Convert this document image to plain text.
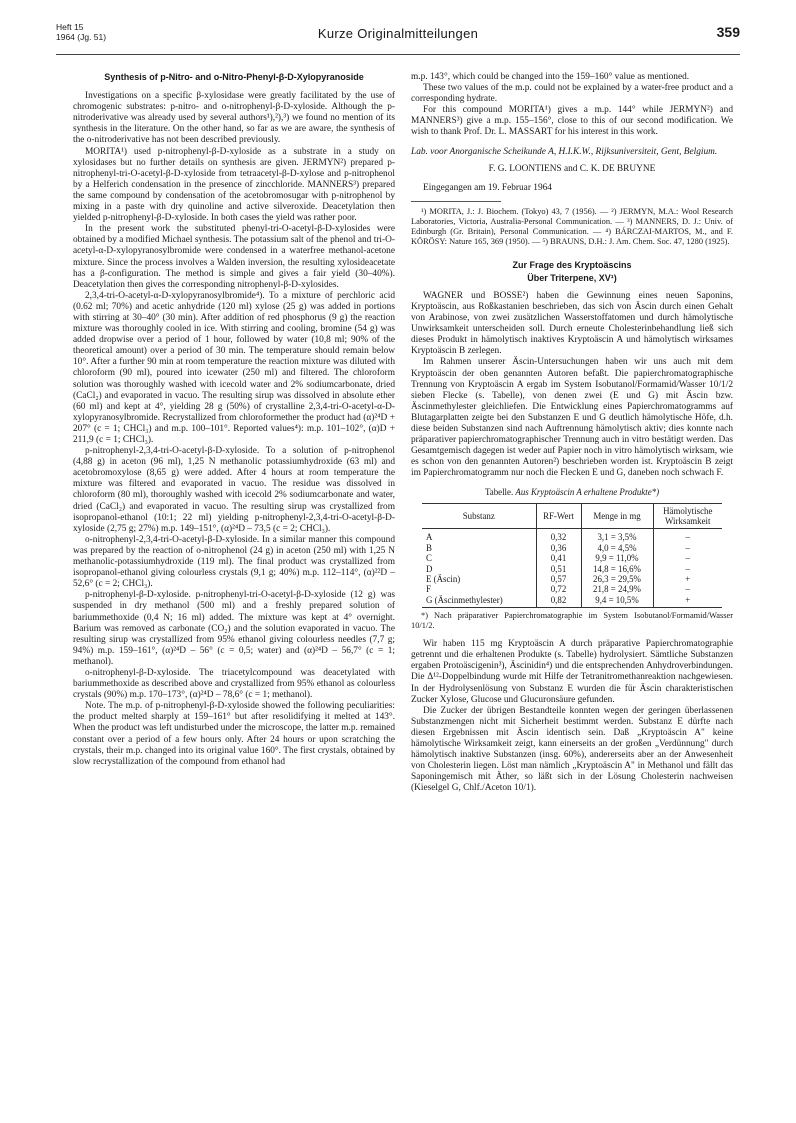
Heft 15
1964 (Jg. 51)	Kurze Originalmitteilungen	359

Synthesis of p-Nitro- and o-Nitro-Phenyl-β-D-Xylopyranoside

Investigations on a specific β-xylosidase were greatly facilitated by the use of chromogenic substrates: p-nitro- and o-nitrophenyl-β-D-xyloside. Although the p-nitroderivative was already used by several authors¹),²),³) we found no mention of its synthesis in the literature. On the other hand, so far as we are aware, the synthesis of the o-nitroderivative has not been described previously.

MORITA¹) used p-nitrophenyl-β-D-xyloside as a substrate in a study on xylosidases but no further details on synthesis are given. JERMYN²) prepared p-nitrophenyl-tri-O-acetyl-β-D-xyloside from tetraacetyl-β-D-xylose and p-nitrophenol by a Helferich condensation in the presence of zincchloride. MANNERS³) prepared the same compound by condensation of the acetobromosugar with p-nitrophenol by mixing in a paste with dry quinoline and active silveroxide. Deacetylation then yielded p-nitrophenyl-β-D-xyloside. In both cases the yield was rather poor.

In the present work the substituted phenyl-tri-O-acetyl-β-D-xylosides were obtained by a modified Michael synthesis. The potassium salt of the phenol and tri-O-acetyl-α-D-xylopyranosylbromide were condensed in a waterfree methanol-acetone mixture. Since the process involves a Walden inversion, the resulting xylosideacetate has a β-configuration. The method is simple and gives a fair yield (30–40%). Deacetylation then gives the corresponding nitrophenyl-β-D-xylosides.

2,3,4-tri-O-acetyl-α-D-xylopyranosylbromide⁴). To a mixture of perchloric acid (0.62 ml; 70%) and acetic anhydride (120 ml) xylose (25 g) was added in portions with stirring at 30–40° (30 min). After addition of red phosphorus (9 g) the reaction mixture was thoroughly cooled in ice. With stirring and cooling, bromine (54 g) was added dropwise over a period of 1 hour, followed by water (10,8 ml; 90% of the theoretical amount) over a period of 30 min. The temperature should remain below 10°. After a further 90 min at room temperature the reaction mixture was diluted with chloroform (90 ml), poured into icewater (250 ml) and filtered. The chloroform solution was thoroughly washed with icecold water and 2% sodiumcarbonate, dried (CaCl₂) and evaporated in vacuo. The resulting sirup was dissolved in absolute ether (60 ml) and kept at 4°, yielding 28 g (50%) of crystalline 2,3,4-tri-O-acetyl-α-D-xylopyranosylbromide. Recrystallized from chloroformether the product had (α)²⁴D + 207° (c = 1; CHCl₃) and m.p. 100–101°. Reported values⁴): m.p. 101–102°, (α)D + 211,9 (c = 1; CHCl₃).

p-nitrophenyl-2,3,4-tri-O-acetyl-β-D-xyloside. To a solution of p-nitrophenol (4,88 g) in aceton (96 ml), 1,25 N methanolic potassiumhydroxide (63 ml) and acetobromoxylose (8,65 g) were added. After 4 hours at room temperature the mixture was filtered and evaporated in vacuo. The residue was dissolved in chloroform (80 ml), thoroughly washed with icecold 2% sodiumcarbonate and water, dried (CaCl₂) and evaporated in vacuo. The resulting sirup was crystallized from isopropanol-ethanol (10:1; 22 ml) yielding p-nitrophenyl-2,3,4-tri-O-acetyl-β-D-xyloside (2,75 g; 27%) m.p. 149–151°, (α)²⁴D – 73,5 (c = 2; CHCl₃).

o-nitrophenyl-2,3,4-tri-O-acetyl-β-D-xyloside. In a similar manner this compound was prepared by the reaction of o-nitrophenol (24 g) in aceton (250 ml) with 1,25 N methanolic-potassiumhydroxide (119 ml). The final product was crystallized from isopropanol-ethanol giving colourless crystals (9,1 g; 40%) m.p. 112–114°, (α)²²D – 52,6° (c = 2; CHCl₃).

p-nitrophenyl-β-D-xyloside. p-nitrophenyl-tri-O-acetyl-β-D-xyloside (12 g) was suspended in dry methanol (500 ml) and a freshly prepared solution of bariummethoxide (0,4 N; 16 ml) added. The mixture was kept at 4° overnight. Barium was removed as carbonate (CO₂) and the solution evaporated in vacuo. The resulting sirup was crystallized from 95% ethanol giving colourless needles (7,7 g; 94%) m.p. 159–161°, (α)²⁴D – 56° (c = 0,5; water) and (α)²⁴D – 56,7° (c = 1; methanol).

o-nitrophenyl-β-D-xyloside. The triacetylcompound was deacetylated with bariummethoxide as described above and crystallized from 95% ethanol as colourless crystals (90%) m.p. 170–173°, (α)²⁴D – 78,6° (c = 1; methanol).

Note. The m.p. of p-nitrophenyl-β-D-xyloside showed the following peculiarities: the product melted sharply at 159–161° but after resolidifying it melted at 143°. When the product was left undisturbed under the microscope, the latter m.p. remained constant over a period of a few hours only. After 24 hours or upon scratching the crystals, their m.p. changed into its original value 160°. The first crystals, obtained by slow recrystallization of the compound from ethanol had

m.p. 143°, which could be changed into the 159–160° value as mentioned.

These two values of the m.p. could not be explained by a water-free product and a corresponding hydrate.

For this compound MORITA¹) gives a m.p. 144° while JERMYN²) and MANNERS³) give a m.p. 155–156°, close to this of our second modification. We wish to thank Prof. Dr. L. MASSART for his interest in this work.

Lab. voor Anorganische Scheikunde A, H.I.K.W., Rijksuniversiteit, Gent, Belgium.

F. G. LOONTIENS and C. K. DE BRUYNE

Eingegangen am 19. Februar 1964

¹) MORITA, J.: J. Biochem. (Tokyo) 43, 7 (1956). — ²) JERMYN, M.A.: Wool Research Laboratories, Victoria, Australia-Personal Communication. — ³) MANNERS, D. J.: Univ. of Edinburgh (Gr. Britain), Personal Communication. — ⁴) BÁRCZAI-MARTOS, M., and F. KÖRÖSY: Nature 165, 369 (1950). — ⁵) BRAUNS, D.H.: J. Am. Chem. Soc. 47, 1280 (1925).

Zur Frage des Kryptoäscins

Über Triterpene, XV¹)

WAGNER und BOSSE²) haben die Gewinnung eines neuen Saponins, Kryptoäscin, aus Roßkastanien beschrieben, das sich von Äscin durch einen Gehalt von Arabinose, von zwei zusätzlichen Wasserstoffatomen und durch hämolytische Unwirksamkeit unterscheiden soll. Durch erneute Cholesterinbehandlung ließ sich dieses Produkt in hämolytisch inaktives Kryptoäscin A und hämolytisch wirksames Kryptoäscin B zerlegen.

Im Rahmen unserer Äscin-Untersuchungen haben wir uns auch mit dem Kryptoäscin der oben genannten Autoren befaßt. Die papierchromatographische Trennung von Kryptoäscin A ergab im System Isobutanol/Formamid/Wasser 10/1/2 sieben Flecke (s. Tabelle), von denen zwei (E und G) mit Äscin bzw. Äscinmethylester gleichliefen. Die Entwicklung eines Papierchromatogramms auf Blutagarplatten zeigte bei den Substanzen E und G deutlich hämolytische Höfe, d.h. diese beiden Substanzen sind nach Auftrennung hämolytisch aktiv; dies konnte nach präparativer papierchromatographischer Trennung auch in vitro bestätigt werden. Das Gesamtgemisch dagegen ist weder auf Papier noch in vitro hämolytisch wirksam, wie es schon von den genannten Autoren²) beschrieben worden ist. Kryptoäscin B zeigt im Papierchromatogramm nur noch die Flecken E und G, daneben noch schwach F.

Tabelle. Aus Kryptoäscin A erhaltene Produkte*)

Substanz	RF-Wert	Menge in mg	Hämolytische Wirksamkeit
A	0,32	3,1 = 3,5%	–
B	0,36	4,0 = 4,5%	–
C	0,41	9,9 = 11,0%	–
D	0,51	14,8 = 16,6%	–
E (Äscin)	0,57	26,3 = 29,5%	+
F	0,72	21,8 = 24,9%	–
G (Äscinmethylester)	0,82	9,4 = 10,5%	+

*) Nach präparativer Papierchromatographie im System Isobutanol/Formamid/Wasser 10/1/2.

Wir haben 115 mg Kryptoäscin A durch präparative Papierchromatographie getrennt und die erhaltenen Produkte (s. Tabelle) hydrolysiert. Sämtliche Substanzen ergaben Protoäscigenin³), Äscinidin⁴) und die entsprechenden Anhydroverbindungen. Die Δ¹²-Doppelbindung wurde mit Hilfe der Tetranitromethanreaktion nachgewiesen. In der Hydrolysenlösung von Substanz E wurden die für Äscin charakteristischen Zucker Xylose, Glucose und Glucuronsäure gefunden.

Die Zucker der übrigen Bestandteile konnten wegen der geringen überlassenen Substanzmengen nicht mit Sicherheit bestimmt werden. Substanz E dürfte nach diesen Ergebnissen mit Äscin identisch sein. Daß „Kryptoäscin A" keine hämolytische Wirksamkeit zeigt, kann einerseits an der großen „Verdünnung" durch hämolytisch inaktive Substanzen (insg. 60%), andererseits aber an der Anwesenheit von Cholesterin liegen. Löst man nämlich „Kryptoäscin A" in Methanol und fällt das Saponingemisch mit Äther, so läßt sich in der Lösung Cholesterin nachweisen (Kieselgel G, Chlf./Aceton 10/1).
